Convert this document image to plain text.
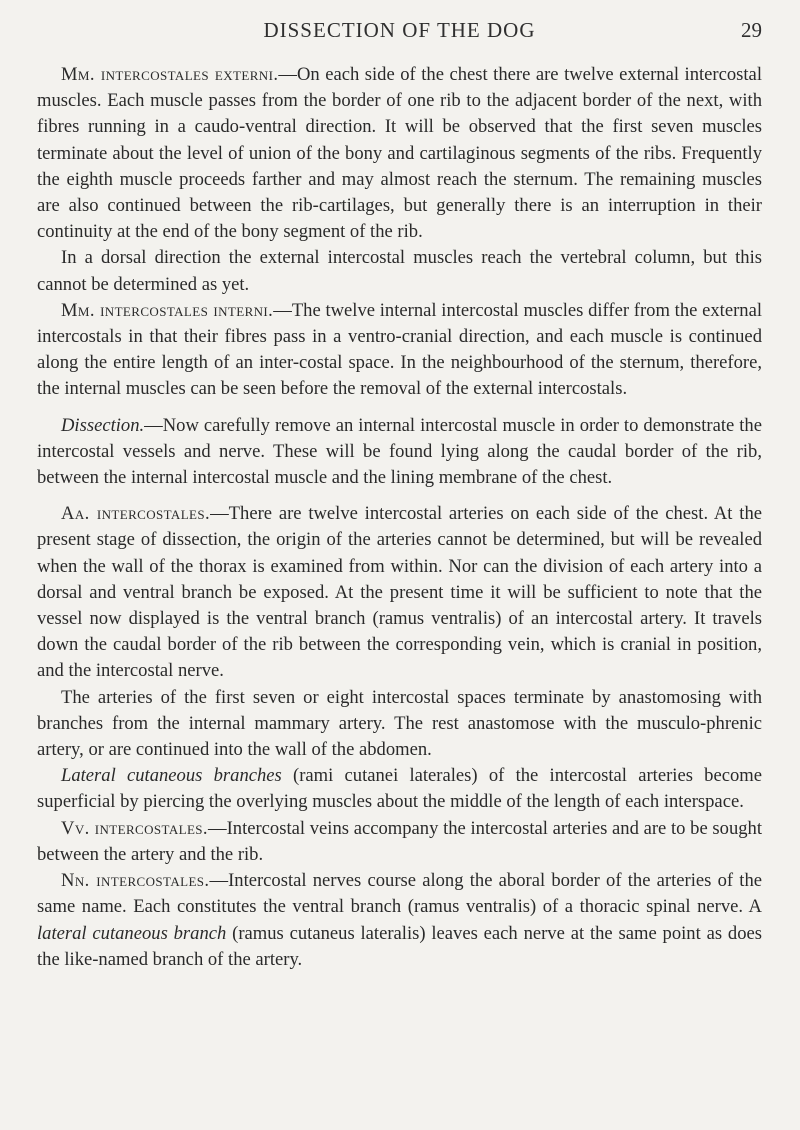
DISSECTION OF THE DOG	29

Mm. intercostales externi.—On each side of the chest there are twelve external intercostal muscles. Each muscle passes from the border of one rib to the adjacent border of the next, with fibres running in a caudo-ventral direction. It will be observed that the first seven muscles terminate about the level of union of the bony and cartilaginous segments of the ribs. Frequently the eighth muscle proceeds farther and may almost reach the sternum. The remaining muscles are also continued between the rib-cartilages, but generally there is an interruption in their continuity at the end of the bony segment of the rib.

In a dorsal direction the external intercostal muscles reach the vertebral column, but this cannot be determined as yet.

Mm. intercostales interni.—The twelve internal intercostal muscles differ from the external intercostals in that their fibres pass in a ventro-cranial direction, and each muscle is continued along the entire length of an inter-costal space. In the neighbourhood of the sternum, therefore, the internal muscles can be seen before the removal of the external intercostals.

Dissection.—Now carefully remove an internal intercostal muscle in order to demonstrate the intercostal vessels and nerve. These will be found lying along the caudal border of the rib, between the internal intercostal muscle and the lining membrane of the chest.

Aa. intercostales.—There are twelve intercostal arteries on each side of the chest. At the present stage of dissection, the origin of the arteries cannot be determined, but will be revealed when the wall of the thorax is examined from within. Nor can the division of each artery into a dorsal and ventral branch be exposed. At the present time it will be sufficient to note that the vessel now displayed is the ventral branch (ramus ventralis) of an intercostal artery. It travels down the caudal border of the rib between the corresponding vein, which is cranial in position, and the intercostal nerve.

The arteries of the first seven or eight intercostal spaces terminate by anastomosing with branches from the internal mammary artery. The rest anastomose with the musculo-phrenic artery, or are continued into the wall of the abdomen.

Lateral cutaneous branches (rami cutanei laterales) of the intercostal arteries become superficial by piercing the overlying muscles about the middle of the length of each interspace.

Vv. intercostales.—Intercostal veins accompany the intercostal arteries and are to be sought between the artery and the rib.

Nn. intercostales.—Intercostal nerves course along the aboral border of the arteries of the same name. Each constitutes the ventral branch (ramus ventralis) of a thoracic spinal nerve. A lateral cutaneous branch (ramus cutaneus lateralis) leaves each nerve at the same point as does the like-named branch of the artery.
